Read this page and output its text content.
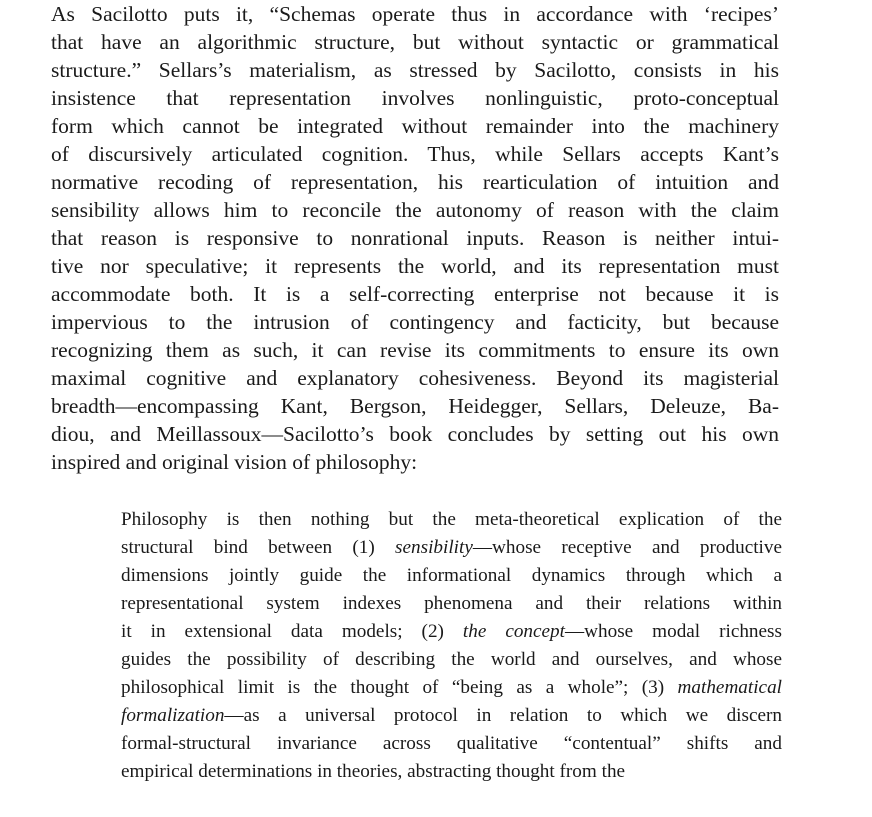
As Sacilotto puts it, “Schemas operate thus in accordance with ‘recipes’
that have an algorithmic structure, but without syntactic or grammatical
structure.” Sellars’s materialism, as stressed by Sacilotto, consists in his
insistence that representation involves nonlinguistic, proto-conceptual
form which cannot be integrated without remainder into the machinery
of discursively articulated cognition. Thus, while Sellars accepts Kant’s
normative recoding of representation, his rearticulation of intuition and
sensibility allows him to reconcile the autonomy of reason with the claim
that reason is responsive to nonrational inputs. Reason is neither intui-
tive nor speculative; it represents the world, and its representation must
accommodate both. It is a self-correcting enterprise not because it is
impervious to the intrusion of contingency and facticity, but because
recognizing them as such, it can revise its commitments to ensure its own
maximal cognitive and explanatory cohesiveness. Beyond its magisterial
breadth—encompassing Kant, Bergson, Heidegger, Sellars, Deleuze, Ba-
diou, and Meillassoux—Sacilotto’s book concludes by setting out his own
inspired and original vision of philosophy:
Philosophy is then nothing but the meta-theoretical explication of the
structural bind between (1) sensibility—whose receptive and productive
dimensions jointly guide the informational dynamics through which a
representational system indexes phenomena and their relations within
it in extensional data models; (2) the concept—whose modal richness
guides the possibility of describing the world and ourselves, and whose
philosophical limit is the thought of “being as a whole”; (3) mathematical
formalization—as a universal protocol in relation to which we discern
formal-structural invariance across qualitative “contentual” shifts and
empirical determinations in theories, abstracting thought from the
